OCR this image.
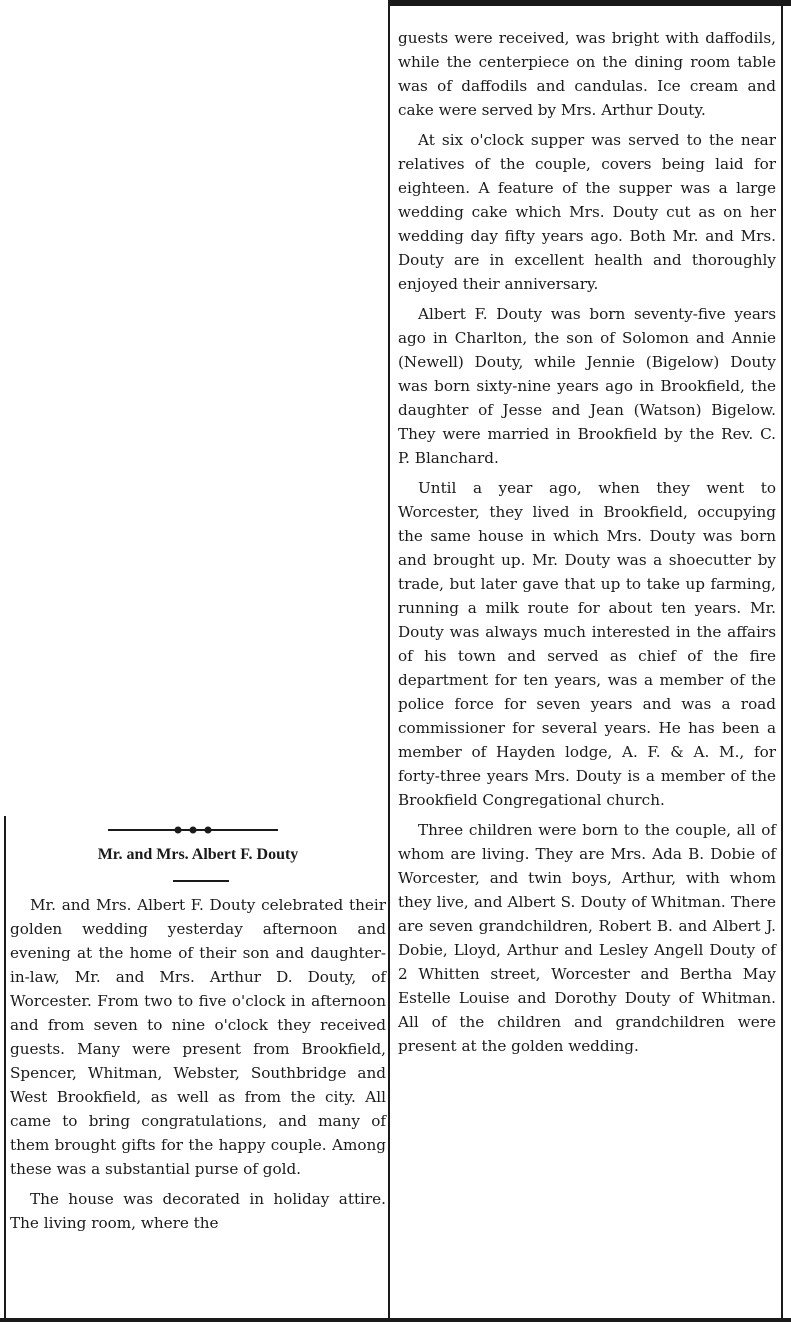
Mr. and Mrs. Albert F. Douty

Mr. and Mrs. Albert F. Douty celebrated their golden wedding yesterday afternoon and evening at the home of their son and daughter-in-law, Mr. and Mrs. Arthur D. Douty, of Worcester. From two to five o'clock in afternoon and from seven to nine o'clock they received guests. Many were present from Brookfield, Spencer, Whitman, Webster, Southbridge and West Brookfield, as well as from the city. All came to bring congratulations, and many of them brought gifts for the happy couple. Among these was a substantial purse of gold.

The house was decorated in holiday attire. The living room, where the

guests were received, was bright with daffodils, while the centerpiece on the dining room table was of daffodils and candulas. Ice cream and cake were served by Mrs. Arthur Douty.

At six o'clock supper was served to the near relatives of the couple, covers being laid for eighteen. A feature of the supper was a large wedding cake which Mrs. Douty cut as on her wedding day fifty years ago. Both Mr. and Mrs. Douty are in excellent health and thoroughly enjoyed their anniversary.

Albert F. Douty was born seventy-five years ago in Charlton, the son of Solomon and Annie (Newell) Douty, while Jennie (Bigelow) Douty was born sixty-nine years ago in Brookfield, the daughter of Jesse and Jean (Watson) Bigelow. They were married in Brookfield by the Rev. C. P. Blanchard.

Until a year ago, when they went to Worcester, they lived in Brookfield, occupying the same house in which Mrs. Douty was born and brought up. Mr. Douty was a shoecutter by trade, but later gave that up to take up farming, running a milk route for about ten years. Mr. Douty was always much interested in the affairs of his town and served as chief of the fire department for ten years, was a member of the police force for seven years and was a road commissioner for several years. He has been a member of Hayden lodge, A. F. & A. M., for forty-three years Mrs. Douty is a member of the Brookfield Congregational church.

Three children were born to the couple, all of whom are living. They are Mrs. Ada B. Dobie of Worcester, and twin boys, Arthur, with whom they live, and Albert S. Douty of Whitman. There are seven grandchildren, Robert B. and Albert J. Dobie, Lloyd, Arthur and Lesley Angell Douty of 2 Whitten street, Worcester and Bertha May Estelle Louise and Dorothy Douty of Whitman. All of the children and grandchildren were present at the golden wedding.
